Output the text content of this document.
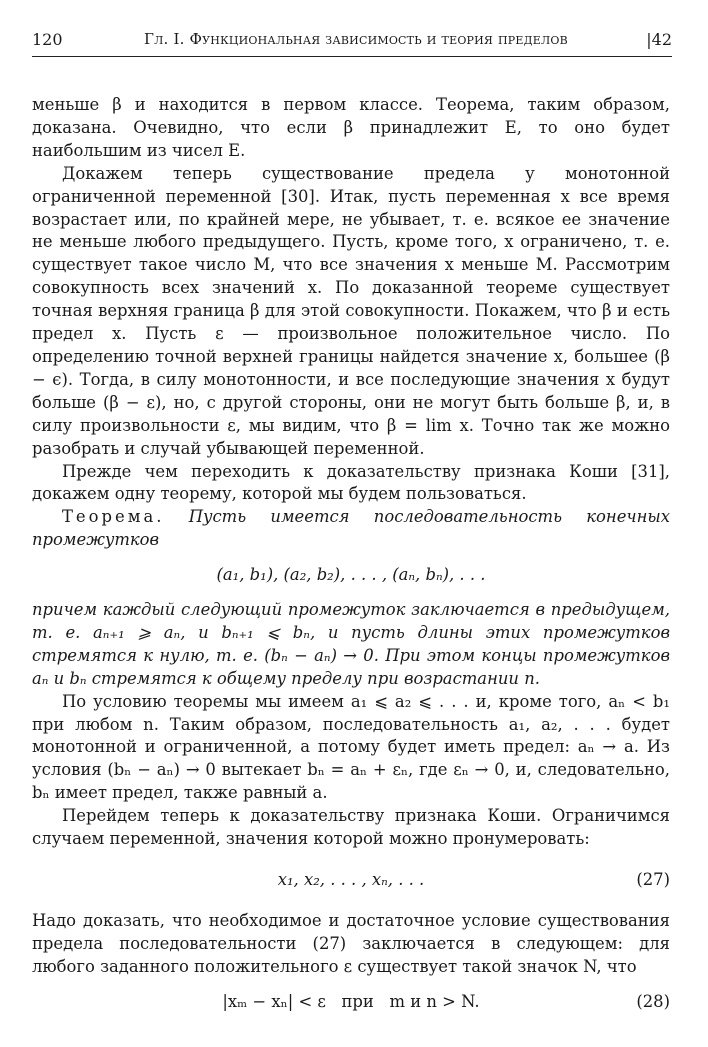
120	Гл. I. Функциональная зависимость и теория пределов	|42

меньше β и находится в первом классе. Теорема, таким образом, доказана. Очевидно, что если β принадлежит E, то оно будет наибольшим из чисел E.

Докажем теперь существование предела у монотонной ограниченной переменной [30]. Итак, пусть переменная x все время возрастает или, по крайней мере, не убывает, т. е. всякое ее значение не меньше любого предыдущего. Пусть, кроме того, x ограничено, т. е. существует такое число M, что все значения x меньше M. Рассмотрим совокупность всех значений x. По доказанной теореме существует точная верхняя граница β для этой совокупности. Покажем, что β и есть предел x. Пусть ε — произвольное положительное число. По определению точной верхней границы найдется значение x, большее (β − ϵ). Тогда, в силу монотонности, и все последующие значения x будут больше (β − ε), но, с другой стороны, они не могут быть больше β, и, в силу произвольности ε, мы видим, что β = lim x. Точно так же можно разобрать и случай убывающей переменной.

Прежде чем переходить к доказательству признака Коши [31], докажем одну теорему, которой мы будем пользоваться.

Теорема. Пусть имеется последовательность конечных промежутков

(a₁, b₁), (a₂, b₂), . . . , (aₙ, bₙ), . . .

причем каждый следующий промежуток заключается в предыдущем, т. е. aₙ₊₁ ⩾ aₙ, и bₙ₊₁ ⩽ bₙ, и пусть длины этих промежутков стремятся к нулю, т. е. (bₙ − aₙ) → 0. При этом концы промежутков aₙ и bₙ стремятся к общему пределу при возрастании n.

По условию теоремы мы имеем a₁ ⩽ a₂ ⩽ . . . и, кроме того, aₙ < b₁ при любом n. Таким образом, последовательность a₁, a₂, . . . будет монотонной и ограниченной, а потому будет иметь предел: aₙ → a. Из условия (bₙ − aₙ) → 0 вытекает bₙ = aₙ + εₙ, где εₙ → 0, и, следовательно, bₙ имеет предел, также равный a.

Перейдем теперь к доказательству признака Коши. Ограничимся случаем переменной, значения которой можно пронумеровать:

x₁, x₂, . . . , xₙ, . . .	(27)

Надо доказать, что необходимое и достаточное условие существования предела последовательности (27) заключается в следующем: для любого заданного положительного ε существует такой значок N, что

|xₘ − xₙ| < ε   при   m и n > N.	(28)
